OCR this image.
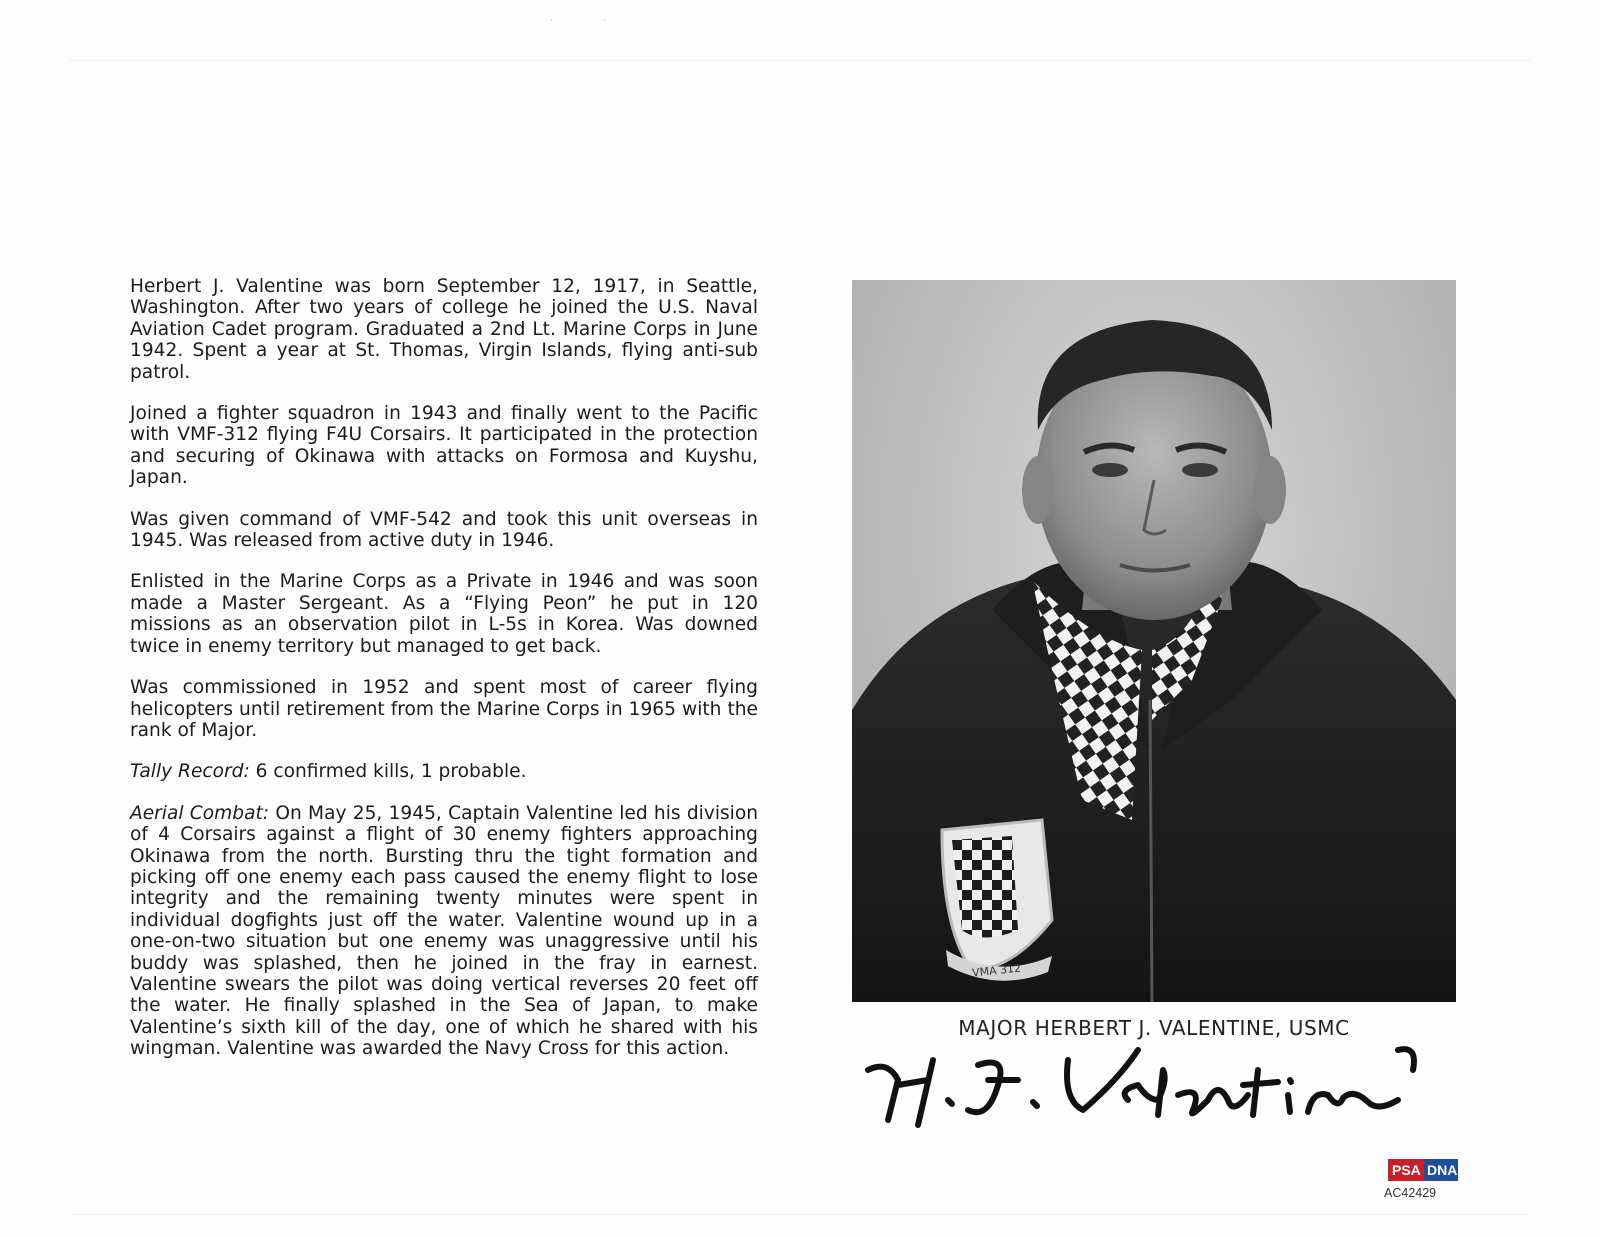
· ·

Herbert J. Valentine was born September 12, 1917, in Seattle, Washington. After two years of college he joined the U.S. Naval Aviation Cadet program. Graduated a 2nd Lt. Marine Corps in June 1942. Spent a year at St. Thomas, Virgin Islands, flying anti-sub patrol.

Joined a fighter squadron in 1943 and finally went to the Pacific with VMF-312 flying F4U Corsairs. It participated in the protection and securing of Okinawa with attacks on Formosa and Kuyshu, Japan.

Was given command of VMF-542 and took this unit overseas in 1945. Was released from active duty in 1946.

Enlisted in the Marine Corps as a Private in 1946 and was soon made a Master Sergeant. As a “Flying Peon” he put in 120 missions as an observation pilot in L-5s in Korea. Was downed twice in enemy territory but managed to get back.

Was commissioned in 1952 and spent most of career flying helicopters until retirement from the Marine Corps in 1965 with the rank of Major.

Tally Record: 6 confirmed kills, 1 probable.

Aerial Combat: On May 25, 1945, Captain Valentine led his division of 4 Corsairs against a flight of 30 enemy fighters approaching Okinawa from the north. Bursting thru the tight formation and picking off one enemy each pass caused the enemy flight to lose integrity and the remaining twenty minutes were spent in individual dogfights just off the water. Valentine wound up in a one-on-two situation but one enemy was unaggressive until his buddy was splashed, then he joined in the fray in earnest. Valentine swears the pilot was doing vertical reverses 20 feet off the water. He finally splashed in the Sea of Japan, to make Valentine’s sixth kill of the day, one of which he shared with his wingman. Valentine was awarded the Navy Cross for this action.

VMA 312
MAJOR HERBERT J. VALENTINE, USMC
PSA DNA
AC42429
